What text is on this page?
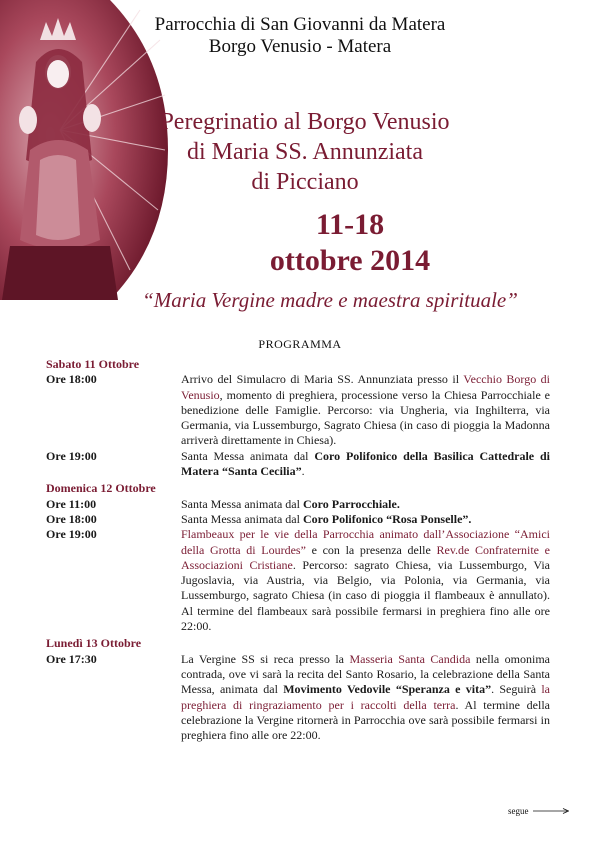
Parrocchia di San Giovanni da Matera
Borgo Venusio - Matera
Peregrinatio al Borgo Venusio
di Maria SS. Annunziata
di Picciano
11-18
ottobre 2014
“Maria Vergine madre e maestra spirituale”
PROGRAMMA
Sabato 11 Ottobre
Ore 18:00	Arrivo del Simulacro di Maria SS. Annunziata presso il Vecchio Borgo di Venusio, momento di preghiera, processione verso la Chiesa Parrocchiale e benedizione delle Famiglie. Percorso: via Ungheria, via Inghilterra, via Germania, via Lussemburgo, Sagrato Chiesa (in caso di pioggia la Madonna arriverà direttamente in Chiesa).
Ore 19:00	Santa Messa animata dal Coro Polifonico della Basilica Cattedrale di Matera “Santa Cecilia”.
Domenica 12 Ottobre
Ore 11:00	Santa Messa animata dal Coro Parrocchiale.
Ore 18:00	Santa Messa animata dal Coro Polifonico “Rosa Ponselle”.
Ore 19:00	Flambeaux per le vie della Parrocchia animato dall’Associazione “Amici della Grotta di Lourdes” e con la presenza delle Rev.de Confraternite e Associazioni Cristiane. Percorso: sagrato Chiesa, via Lussemburgo, Via Jugoslavia, via Austria, via Belgio, via Polonia, via Germania, via Lussemburgo, sagrato Chiesa (in caso di pioggia il flambeaux è annullato). Al termine del flambeaux sarà possibile fermarsi in preghiera fino alle ore 22:00.
Lunedì 13 Ottobre
Ore 17:30	La Vergine SS si reca presso la Masseria Santa Candida nella omonima contrada, ove vi sarà la recita del Santo Rosario, la celebrazione della Santa Messa, animata dal Movimento Vedovile “Speranza e vita”. Seguirà la preghiera di ringraziamento per i raccolti della terra. Al termine della celebrazione la Vergine ritornerà in Parrocchia ove sarà possibile fermarsi in preghiera fino alle ore 22:00.
segue
